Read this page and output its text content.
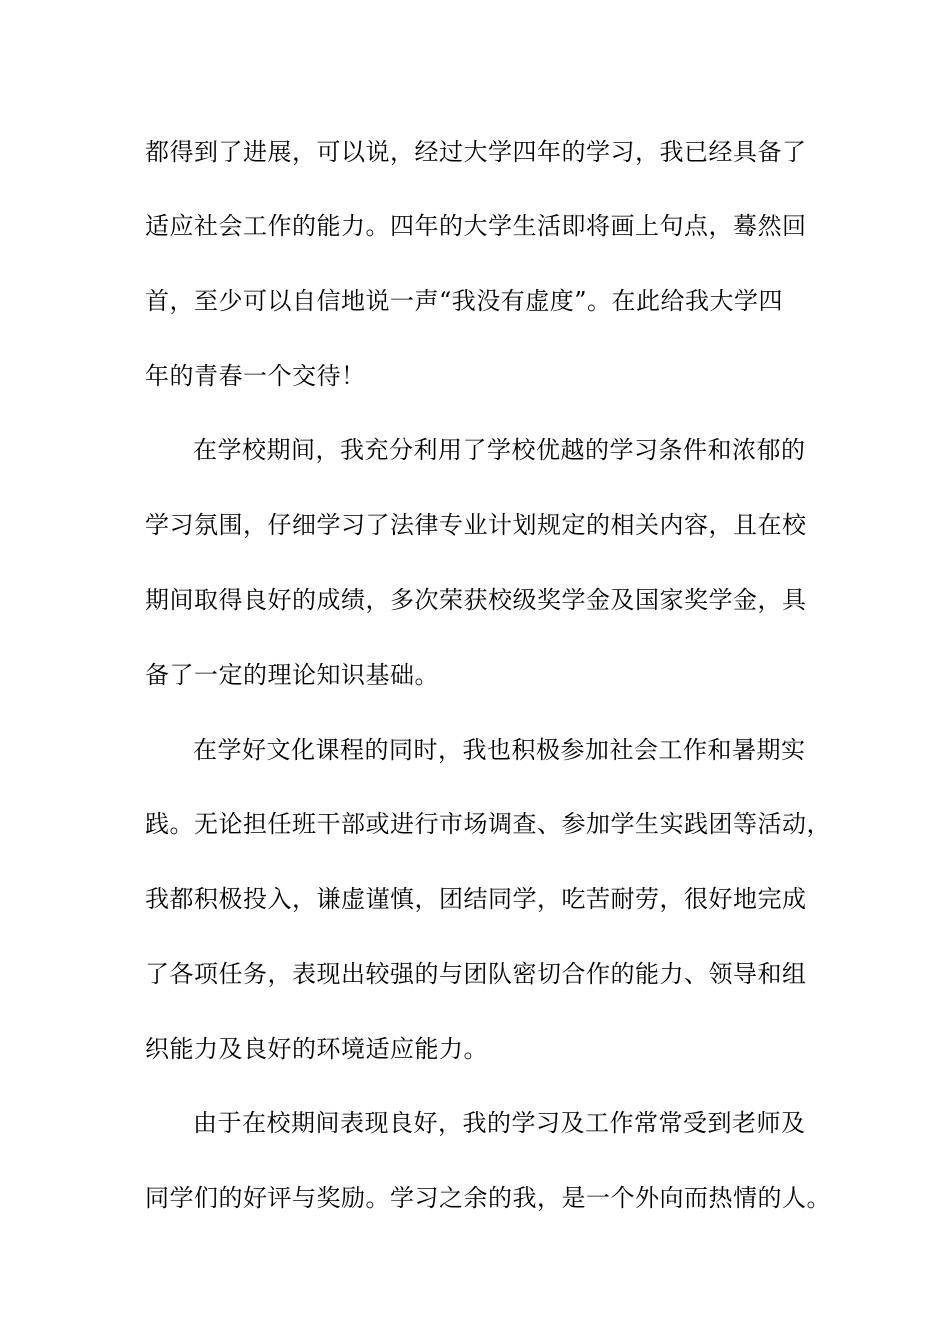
都得到了进展，可以说，经过大学四年的学习，我已经具备了
适应社会工作的能力。四年的大学生活即将画上句点，蓦然回
首，至少可以自信地说一声“我没有虚度”。在此给我大学四
年的青春一个交待！
在学校期间，我充分利用了学校优越的学习条件和浓郁的
学习氛围，仔细学习了法律专业计划规定的相关内容，且在校
期间取得良好的成绩，多次荣获校级奖学金及国家奖学金，具
备了一定的理论知识基础。
在学好文化课程的同时，我也积极参加社会工作和暑期实
践。无论担任班干部或进行市场调查、参加学生实践团等活动，
我都积极投入，谦虚谨慎，团结同学，吃苦耐劳，很好地完成
了各项任务，表现出较强的与团队密切合作的能力、领导和组
织能力及良好的环境适应能力。
由于在校期间表现良好，我的学习及工作常常受到老师及
同学们的好评与奖励。学习之余的我，是一个外向而热情的人。
